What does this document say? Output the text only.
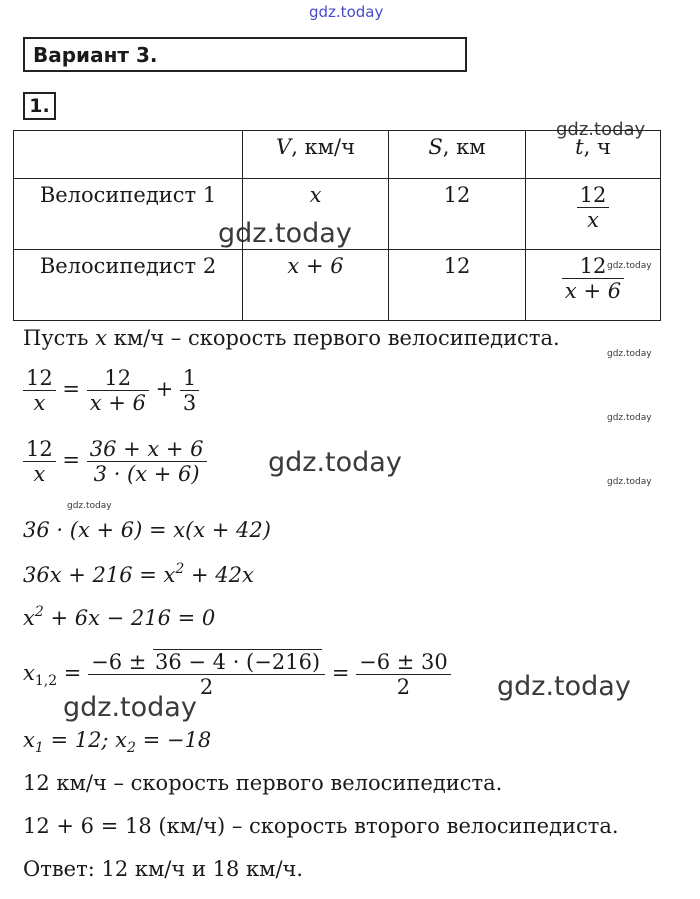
gdz.today
gdz.today
gdz.today
gdz.today
gdz.today
gdz.today
gdz.today
gdz.today
gdz.today
gdz.today
gdz.today
Вариант 3.
1.
	V, км/ч	S, км	t, ч
Велосипедист 1	x	12	$\frac{12}{x}$

Велосипедист 2	x + 6	12	$\frac{12}{x + 6}$
Пусть x км/ч – скорость первого велосипедиста.
$\frac{12}{x} = \frac{12}{x + 6} + \frac{1}{3}$
$\frac{12}{x} = \frac{36 + x + 6}{3 \cdot (x + 6)}$
36 · (x + 6) = x(x + 42)
$36x + 216 = x^2 + 42x$
$x^2 + 6x - 216 = 0$
$x_{1,2} = \frac{-6 \pm 36 - 4 \cdot (-216)}{2} = \frac{-6 \pm 30}{2}$
$x_1 = 12$; $x_2 = -18$
12 км/ч – скорость первого велосипедиста.
12 + 6 = 18 (км/ч) – скорость второго велосипедиста.
Ответ: 12 км/ч и 18 км/ч.
